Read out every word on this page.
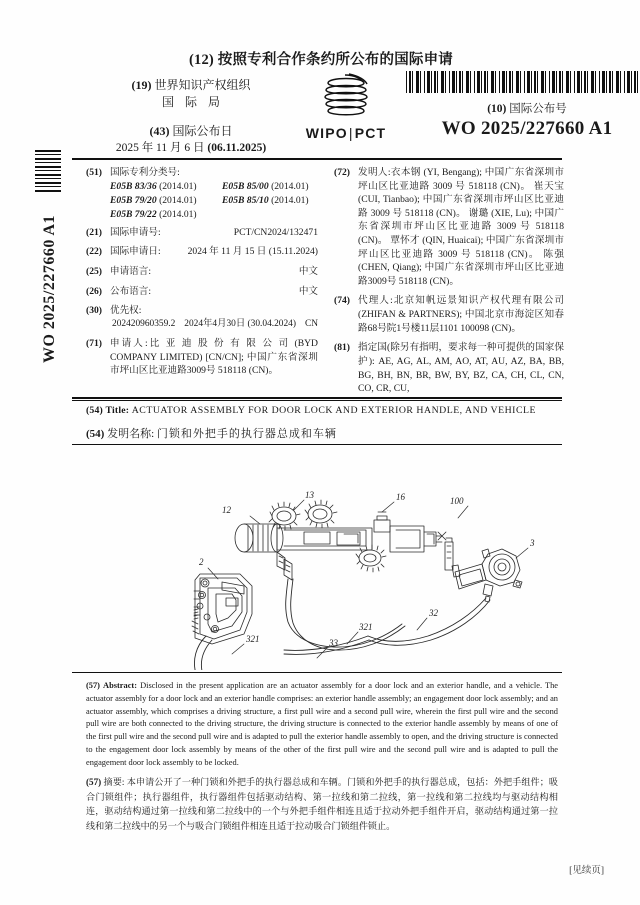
WO 2025/227660 A1
(12) 按照专利合作条约所公布的国际申请
(19) 世界知识产权组织
国 际 局
(43) 国际公布日
2025 年 11 月 6 日 (06.11.2025)
WIPO|PCT
(10) 国际公布号
WO 2025/227660 A1
(51) 国际专利分类号:
E05B 83/36 (2014.01)	E05B 85/00 (2014.01)
E05B 79/20 (2014.01)	E05B 85/10 (2014.01)
E05B 79/22 (2014.01)
(21) 国际申请号:	PCT/CN2024/132471
(22) 国际申请日:	2024 年 11 月 15 日 (15.11.2024)
(25) 申请语言:	中文
(26) 公布语言:	中文
(30) 优先权:
202420960359.2 2024年4月30日 (30.04.2024) CN
(71) 申请人:比 亚 迪 股 份 有 限 公 司 (BYD COMPANY LIMITED) [CN/CN]; 中国广东省深圳市坪山区比亚迪路3009号 518118 (CN)。
(72) 发明人:衣本钢 (YI, Bengang); 中国广东省深圳市坪山区比亚迪路 3009 号 518118 (CN)。 崔天宝 (CUI, Tianbao); 中国广东省深圳市坪山区比亚迪路 3009 号 518118 (CN)。 谢璐 (XIE, Lu); 中国广东省深圳市坪山区比亚迪路 3009 号 518118 (CN)。 覃怀才 (QIN, Huaicai); 中国广东省深圳市坪山区比亚迪路 3009 号 518118 (CN)。 陈强 (CHEN, Qiang); 中国广东省深圳市坪山区比亚迪路3009号 518118 (CN)。
(74) 代理人:北京知帆远景知识产权代理有限公司 (ZHIFAN & PARTNERS); 中国北京市海淀区知春路68号院1号楼11层1101 100098 (CN)。
(81) 指定国(除另有指明，要求每一种可提供的国家保护): AE, AG, AL, AM, AO, AT, AU, AZ, BA, BB, BG, BH, BN, BR, BW, BY, BZ, CA, CH, CL, CN, CO, CR, CU,
(54) Title: ACTUATOR ASSEMBLY FOR DOOR LOCK AND EXTERIOR HANDLE, AND VEHICLE
(54) 发明名称: 门锁和外把手的执行器总成和车辆
12
13	16	100
3
2
321
32
321	33
(57) Abstract: Disclosed in the present application are an actuator assembly for a door lock and an exterior handle, and a vehicle. The actuator assembly for a door lock and an exterior handle comprises: an exterior handle assembly; an engagement door lock assembly; and an actuator assembly, which comprises a driving structure, a first pull wire and a second pull wire, wherein the first pull wire and the second pull wire are both connected to the driving structure, the driving structure is connected to the exterior handle assembly by means of one of the first pull wire and the second pull wire and is adapted to pull the exterior handle assembly to open, and the driving structure is connected to the engagement door lock assembly by means of the other of the first pull wire and the second pull wire and is adapted to pull the engagement door lock assembly to be locked.
(57) 摘要: 本申请公开了一种门锁和外把手的执行器总成和车辆。门锁和外把手的执行器总成，包括：外把手组件；吸合门锁组件；执行器组件，执行器组件包括驱动结构、第一拉线和第二拉线，第一拉线和第二拉线均与驱动结构相连，驱动结构通过第一拉线和第二拉线中的一个与外把手组件相连且适于拉动外把手组件开启，驱动结构通过第一拉线和第二拉线中的另一个与吸合门锁组件相连且适于拉动吸合门锁组件锁止。
[见续页]
